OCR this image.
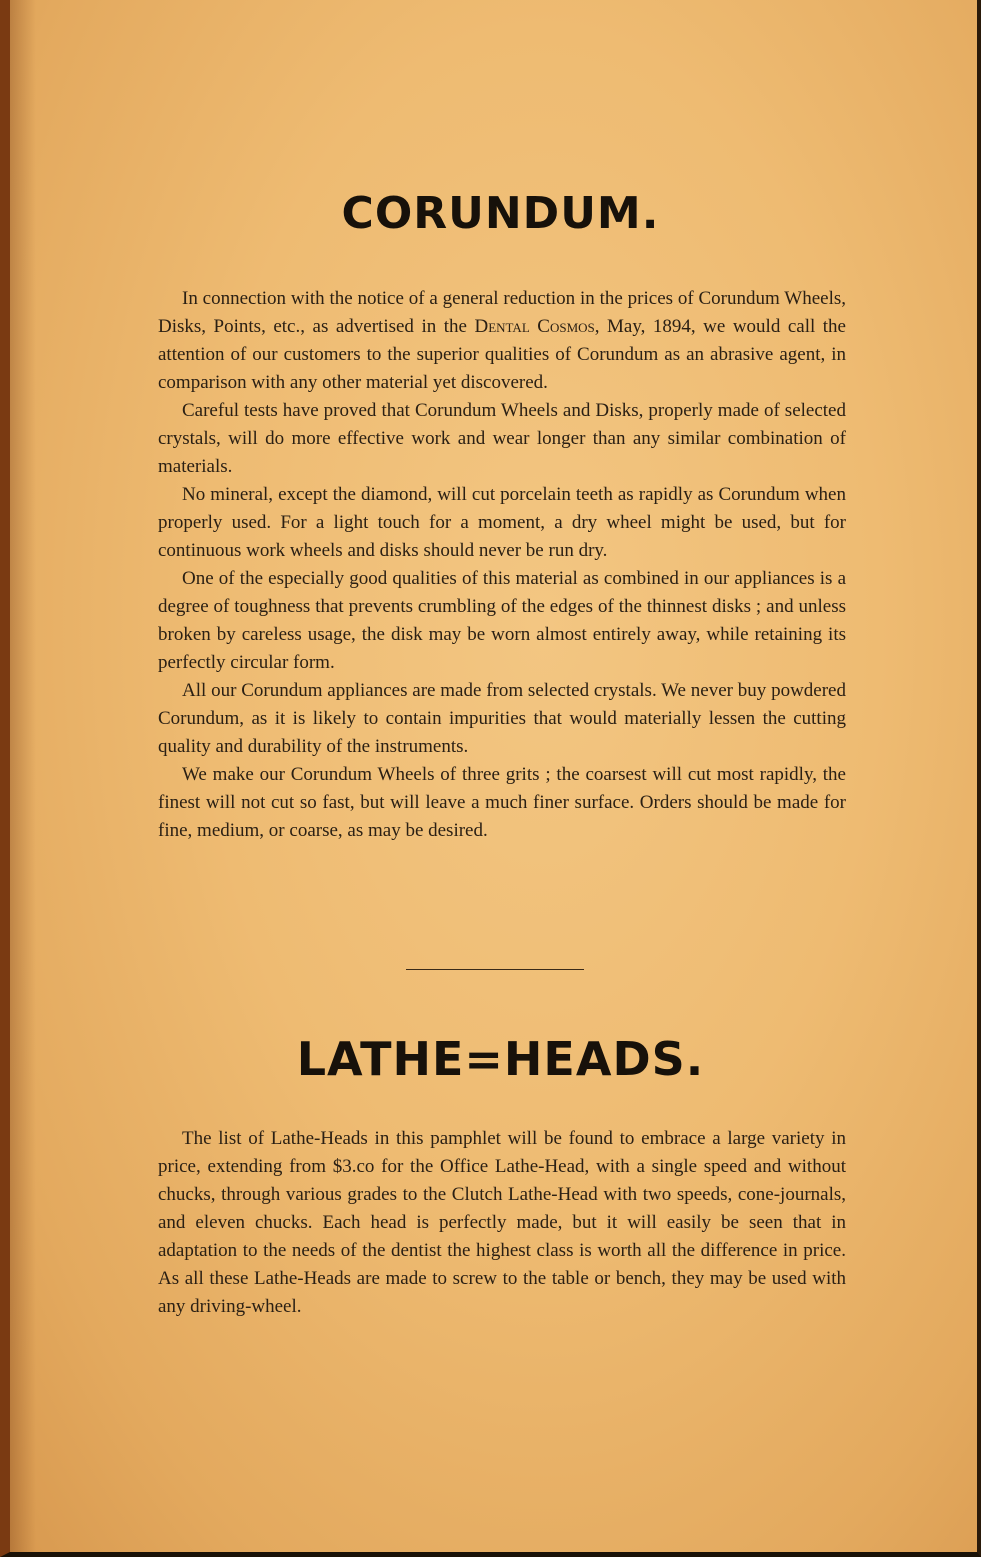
CORUNDUM.

In connection with the notice of a general reduction in the prices of Corundum Wheels, Disks, Points, etc., as advertised in the Dental Cosmos, May, 1894, we would call the attention of our customers to the superior qualities of Corundum as an abrasive agent, in comparison with any other material yet discovered.

Careful tests have proved that Corundum Wheels and Disks, properly made of selected crystals, will do more effective work and wear longer than any similar combination of materials.

No mineral, except the diamond, will cut porcelain teeth as rapidly as Corundum when properly used. For a light touch for a moment, a dry wheel might be used, but for continuous work wheels and disks should never be run dry.

One of the especially good qualities of this material as combined in our appliances is a degree of toughness that prevents crumbling of the edges of the thinnest disks ; and unless broken by careless usage, the disk may be worn almost entirely away, while retaining its perfectly circular form.

All our Corundum appliances are made from selected crystals. We never buy powdered Corundum, as it is likely to contain impurities that would materially lessen the cutting quality and durability of the instruments.

We make our Corundum Wheels of three grits ; the coarsest will cut most rapidly, the finest will not cut so fast, but will leave a much finer surface. Orders should be made for fine, medium, or coarse, as may be desired.

LATHE=HEADS.

The list of Lathe-Heads in this pamphlet will be found to embrace a large variety in price, extending from $3.co for the Office Lathe-Head, with a single speed and without chucks, through various grades to the Clutch Lathe-Head with two speeds, cone-journals, and eleven chucks. Each head is perfectly made, but it will easily be seen that in adaptation to the needs of the dentist the highest class is worth all the difference in price. As all these Lathe-Heads are made to screw to the table or bench, they may be used with any driving-wheel.
